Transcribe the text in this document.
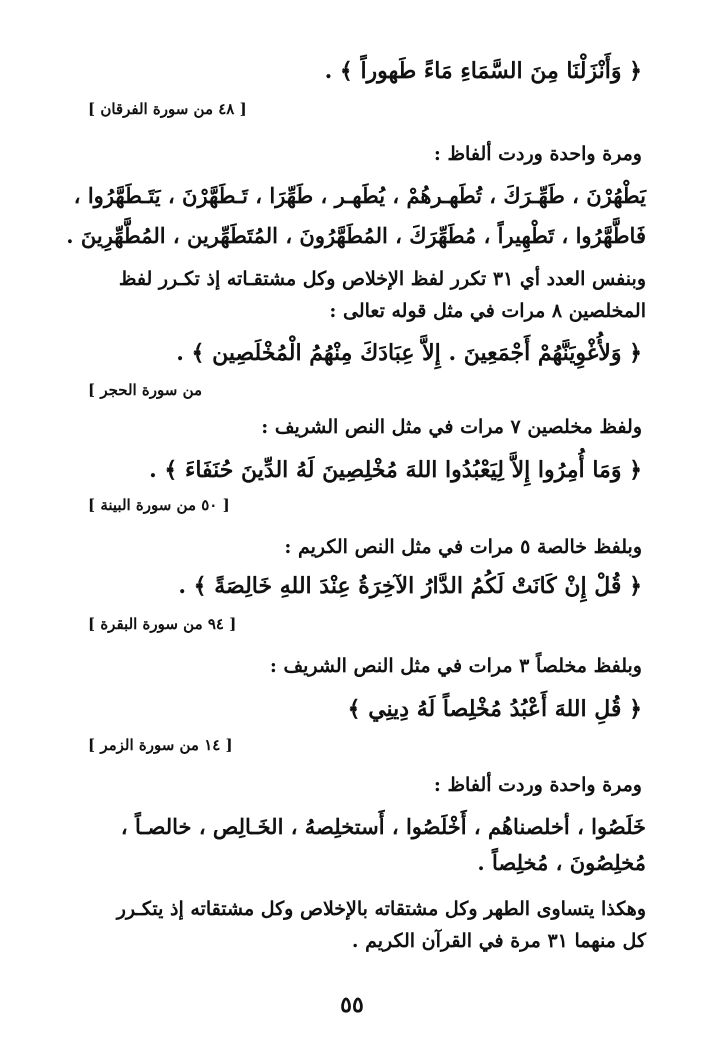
﴿ وَأَنْزَلْنَا مِنَ السَّمَاءِ مَاءً طَهوراً ﴾ .
[ ٤٨ من سورة الفرقان ]
ومرة واحدة وردت ألفاظ :
يَطْهُرْنَ ، طَهِّـرَكَ ، تُطَهـرهُمْ ، يُطَهـر ، طَهِّرَا ، تَـطَهَّرْنَ ، يَتَـطَهَّرُوا ،
فَاطَّهَّرُوا ، تَطْهِيراً ، مُطَهِّرَكَ ، المُطَهَّرُونَ ، المُتَطَهِّرين ، المُطَّهِّرِينَ .
وبنفس العدد أي ٣١ تكرر لفظ الإخلاص وكل مشتقـاته إذ تكـرر لفظ
المخلصين ٨ مرات في مثل قوله تعالى :
﴿ وَلأُغْوِيَنَّهُمْ أَجْمَعِينَ . إِلاَّ عِبَادَكَ مِنْهُمُ الْمُخْلَصِين ﴾ .
من سورة الحجر ]
ولفظ مخلصين ٧ مرات في مثل النص الشريف :
﴿ وَمَا أُمِرُوا إِلاَّ لِيَعْبُدُوا اللهَ مُخْلِصِينَ لَهُ الدِّينَ حُنَفَاءَ ﴾ .
[ ٥٠ من سورة البينة ]
وبلفظ خالصة ٥ مرات في مثل النص الكريم :
﴿ قُلْ إِنْ كَانَتْ لَكُمُ الدَّارُ الآخِرَةُ عِنْدَ اللهِ خَالِصَةً ﴾ .
[ ٩٤ من سورة البقرة ]
وبلفظ مخلصاً ٣ مرات في مثل النص الشريف :
﴿ قُلِ اللهَ أَعْبُدُ مُخْلِصاً لَهُ دِينِي ﴾
[ ١٤ من سورة الزمر ]
ومرة واحدة وردت ألفاظ :
خَلَصُوا ، أخلصناهُم ، أَخْلَصُوا ، أَستخلِصهُ ، الخَـالِص ، خالصـاً ،
مُخلِصُونَ ، مُخلِصاً .
وهكذا يتساوى الطهر وكل مشتقاته بالإخلاص وكل مشتقاته إذ يتكـرر
كل منهما ٣١ مرة في القرآن الكريم .
٥٥
